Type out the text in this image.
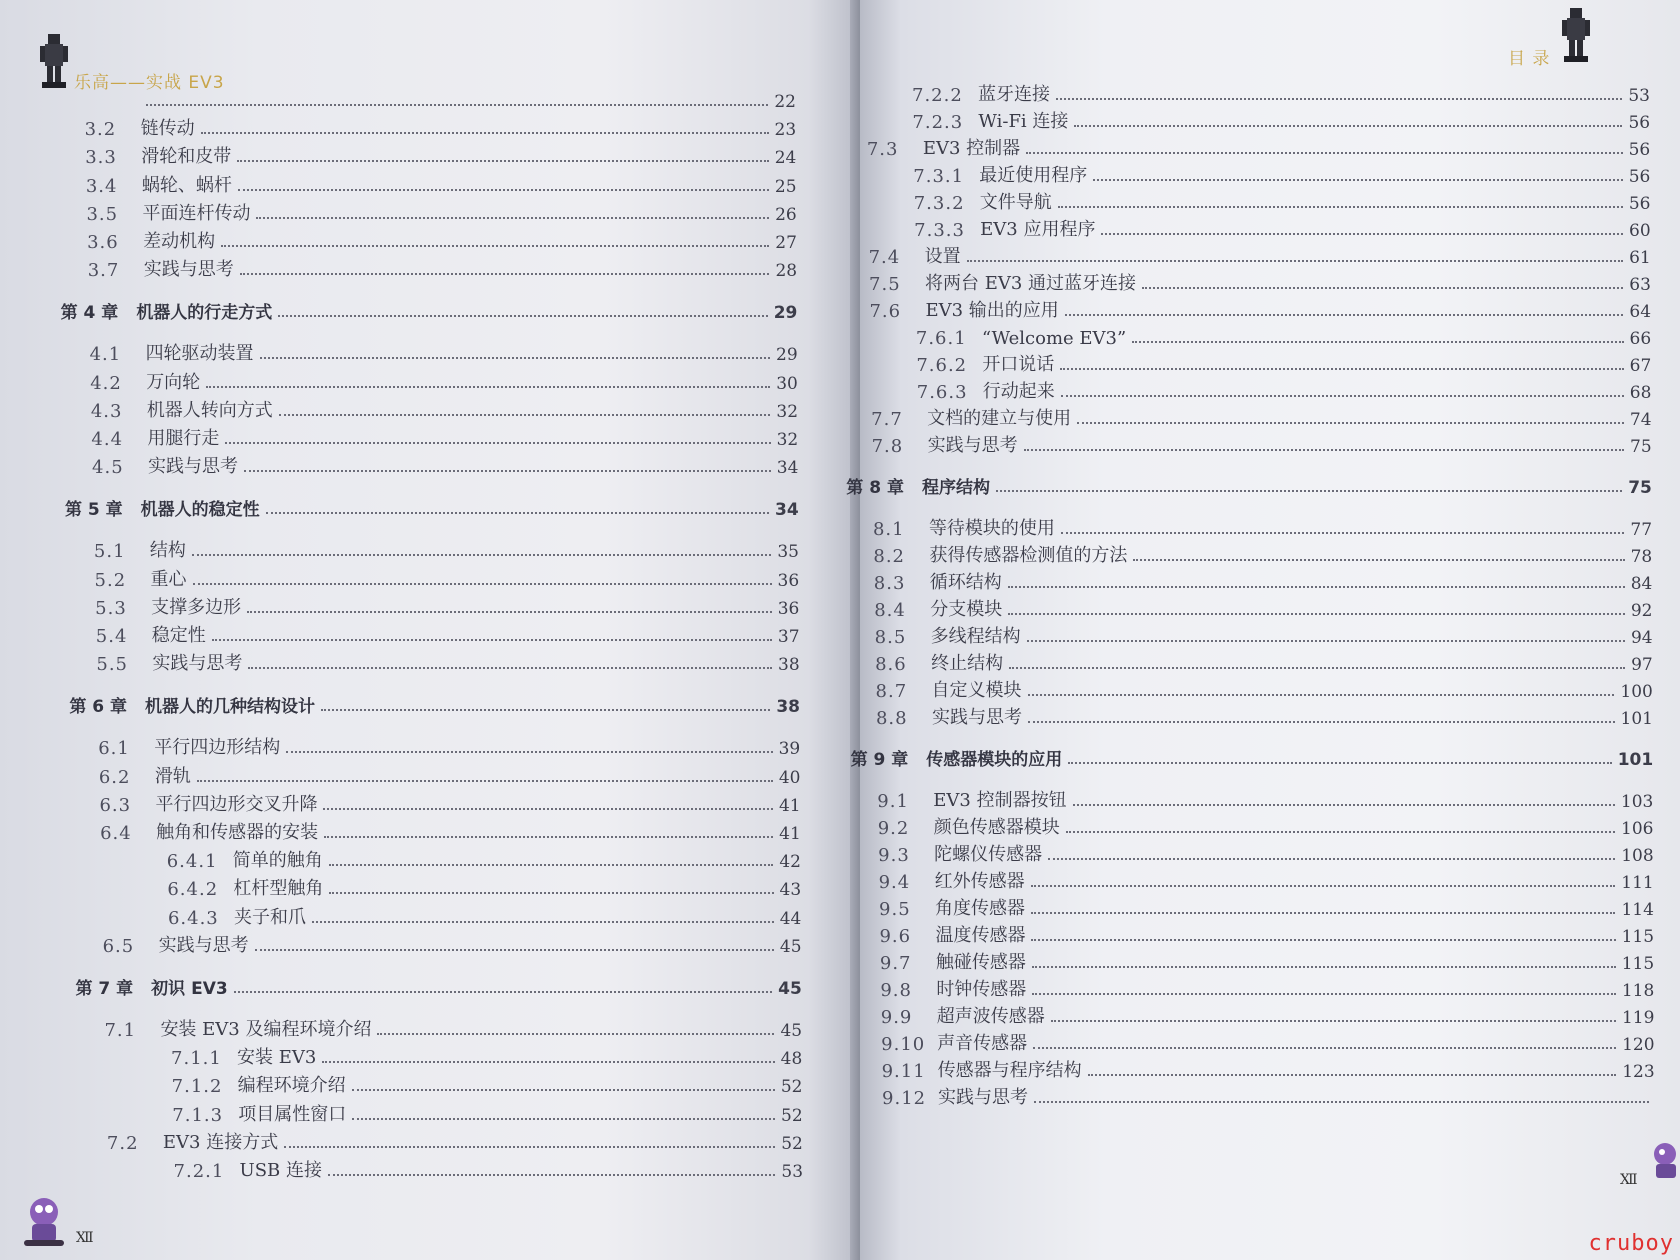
乐高——实战 EV3
22
3.2	链传动	23
3.3	滑轮和皮带	24
3.4	蜗轮、蜗杆	25
3.5	平面连杆传动	26
3.6	差动机构	27
3.7	实践与思考	28
第 4 章 机器人的行走方式	29
4.1	四轮驱动装置	29
4.2	万向轮	30
4.3	机器人转向方式	32
4.4	用腿行走	32
4.5	实践与思考	34
第 5 章 机器人的稳定性	34
5.1	结构	35
5.2	重心	36
5.3	支撑多边形	36
5.4	稳定性	37
5.5	实践与思考	38
第 6 章 机器人的几种结构设计	38
6.1	平行四边形结构	39
6.2	滑轨	40
6.3	平行四边形交叉升降	41
6.4	触角和传感器的安装	41
6.4.1 简单的触角	42
6.4.2 杠杆型触角	43
6.4.3 夹子和爪	44
6.5	实践与思考	45
第 7 章 初识 EV3	45
7.1	安装 EV3 及编程环境介绍	45
7.1.1 安装 EV3	48
7.1.2 编程环境介绍	52
7.1.3 项目属性窗口	52
7.2	EV3 连接方式	52
7.2.1 USB 连接	53
Ⅻ
目 录
7.2.2 蓝牙连接	53
7.2.3 Wi-Fi 连接	56
7.3	EV3 控制器	56
7.3.1 最近使用程序	56
7.3.2 文件导航	56
7.3.3 EV3 应用程序	60
7.4	设置	61
7.5	将两台 EV3 通过蓝牙连接	63
7.6	EV3 输出的应用	64
7.6.1 “Welcome EV3”	66
7.6.2 开口说话	67
7.6.3 行动起来	68
7.7	文档的建立与使用	74
7.8	实践与思考	75
第 8 章 程序结构	75
8.1	等待模块的使用	77
8.2	获得传感器检测值的方法	78
8.3	循环结构	84
8.4	分支模块	92
8.5	多线程结构	94
8.6	终止结构	97
8.7	自定义模块	100
8.8	实践与思考	101
第 9 章 传感器模块的应用	101
9.1	EV3 控制器按钮	103
9.2	颜色传感器模块	106
9.3	陀螺仪传感器	108
9.4	红外传感器	111
9.5	角度传感器	114
9.6	温度传感器	115
9.7	触碰传感器	115
9.8	时钟传感器	118
9.9	超声波传感器	119
9.10 声音传感器	120
9.11 传感器与程序结构	123
9.12 实践与思考
Ⅻ
cruboy
